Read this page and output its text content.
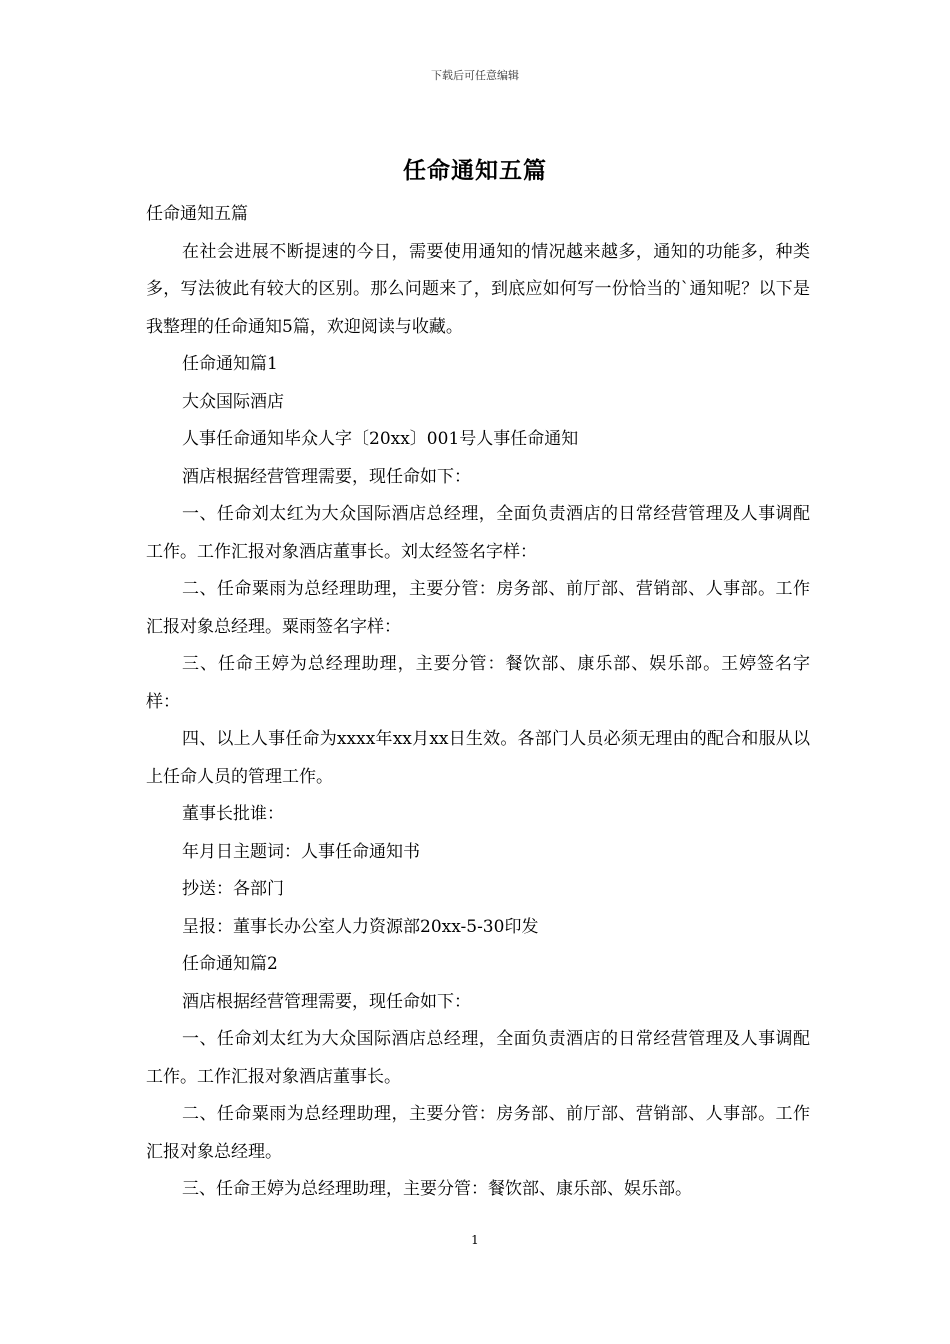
下载后可任意编辑
任命通知五篇

任命通知五篇

在社会进展不断提速的今日，需要使用通知的情况越来越多，通知的功能多，种类多，写法彼此有较大的区别。那么问题来了，到底应如何写一份恰当的`通知呢？以下是我整理的任命通知5篇，欢迎阅读与收藏。

任命通知篇1

大众国际酒店

人事任命通知毕众人字〔20xx〕001号人事任命通知

酒店根据经营管理需要，现任命如下：

一、任命刘太红为大众国际酒店总经理，全面负责酒店的日常经营管理及人事调配工作。工作汇报对象酒店董事长。刘太经签名字样：

二、任命粟雨为总经理助理，主要分管：房务部、前厅部、营销部、人事部。工作汇报对象总经理。粟雨签名字样：

三、任命王婷为总经理助理，主要分管：餐饮部、康乐部、娱乐部。王婷签名字样：

四、以上人事任命为xxxx年xx月xx日生效。各部门人员必须无理由的配合和服从以上任命人员的管理工作。

董事长批谁：

年月日主题词：人事任命通知书

抄送：各部门

呈报：董事长办公室人力资源部20xx-5-30印发

任命通知篇2

酒店根据经营管理需要，现任命如下：

一、任命刘太红为大众国际酒店总经理，全面负责酒店的日常经营管理及人事调配工作。工作汇报对象酒店董事长。

二、任命粟雨为总经理助理，主要分管：房务部、前厅部、营销部、人事部。工作汇报对象总经理。

三、任命王婷为总经理助理，主要分管：餐饮部、康乐部、娱乐部。

1
